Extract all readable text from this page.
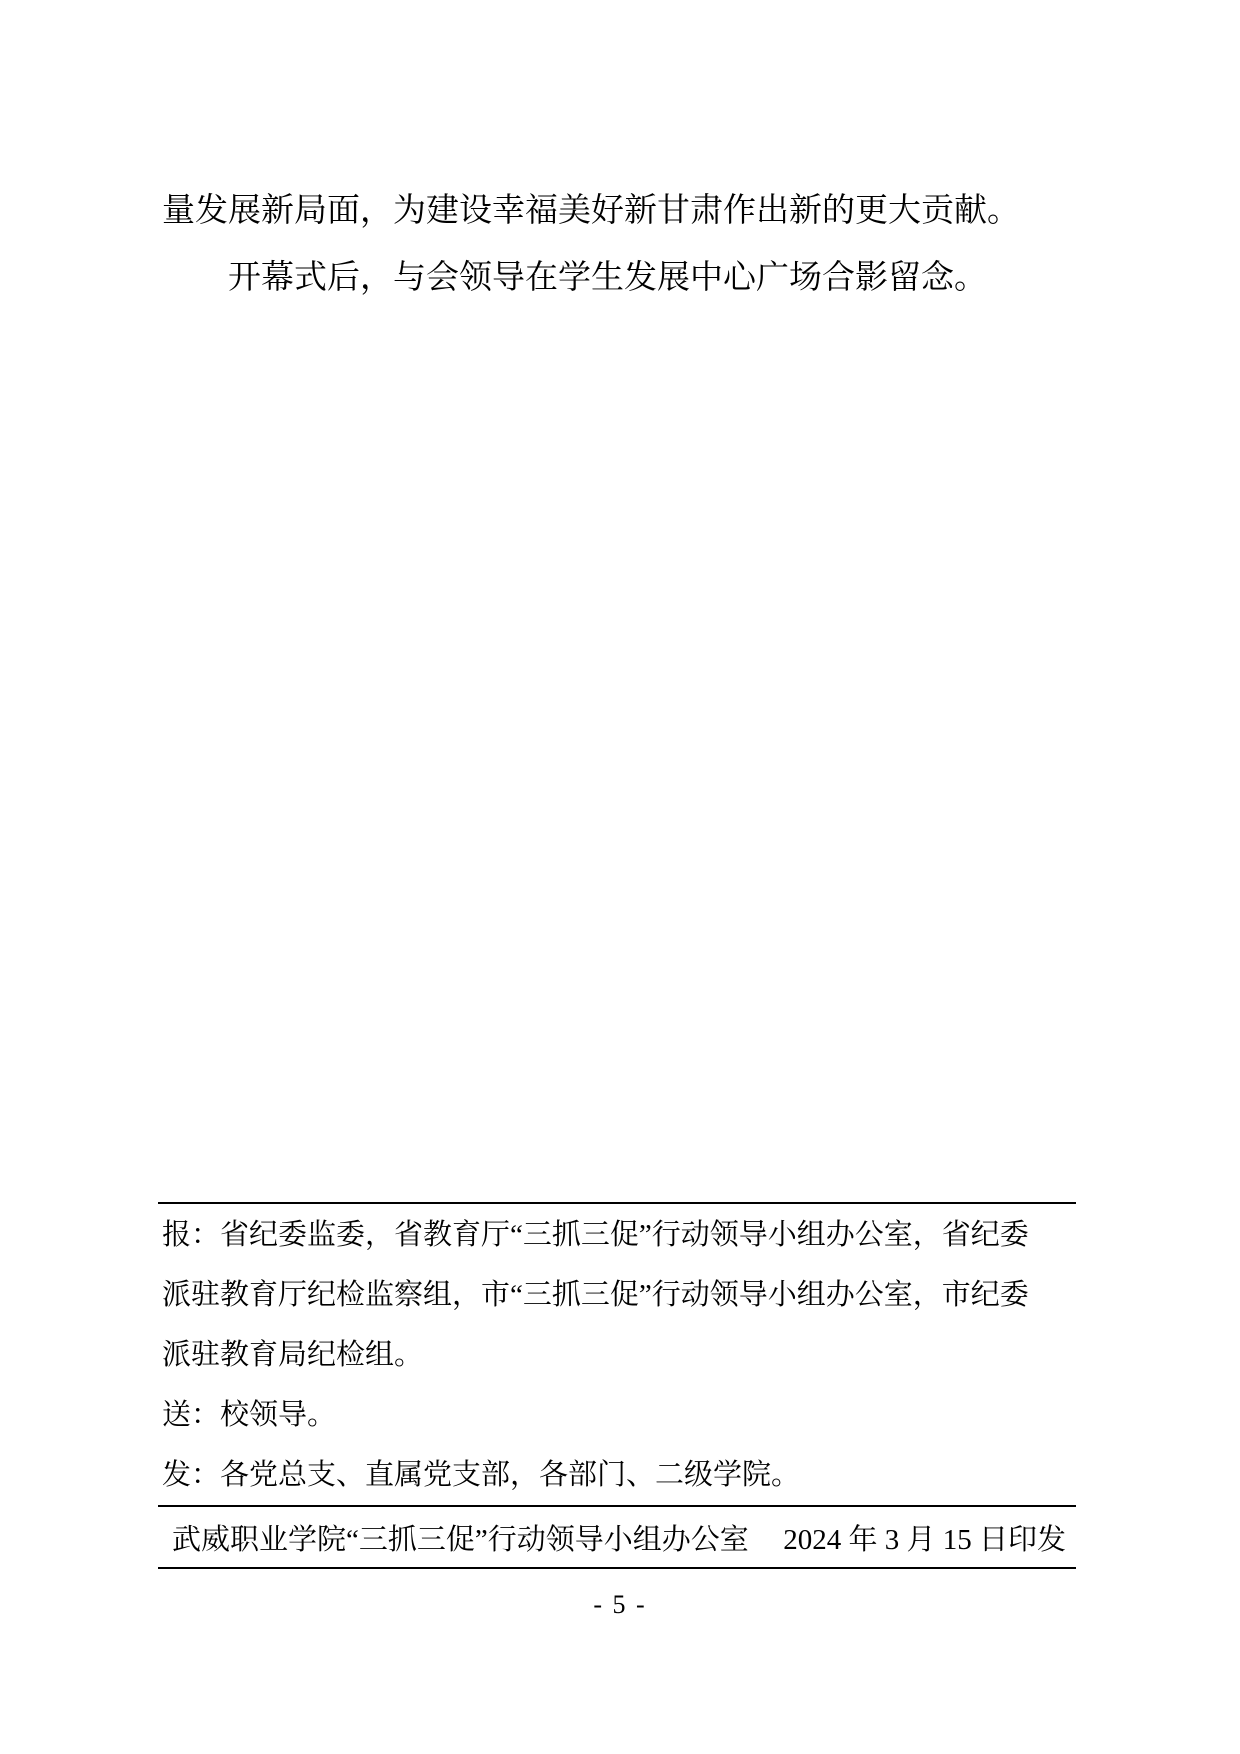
量发展新局面，为建设幸福美好新甘肃作出新的更大贡献。

开幕式后，与会领导在学生发展中心广场合影留念。

报：省纪委监委，省教育厅“三抓三促”行动领导小组办公室，省纪委
派驻教育厅纪检监察组，市“三抓三促”行动领导小组办公室，市纪委
派驻教育局纪检组。
送：校领导。
发：各党总支、直属党支部，各部门、二级学院。
武威职业学院“三抓三促”行动领导小组办公室 2024 年 3 月 15 日印发
- 5 -
